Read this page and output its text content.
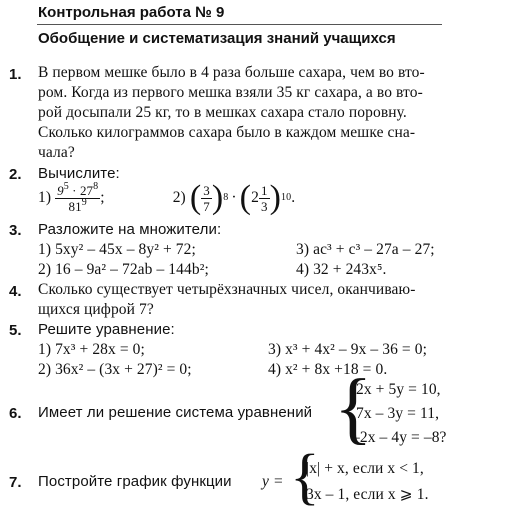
Контрольная работа № 9
Обобщение и систематизация знаний учащихся
1. В первом мешке было в 4 раза больше сахара, чем во вто-
ром. Когда из первого мешка взяли 35 кг сахара, а во вто-
рой досыпали 25 кг, то в мешках сахара стало поровну.
Сколько килограммов сахара было в каждом мешке сна-
чала?
2. Вычислите:
1)
$\frac{9^5 \cdot 27^8}{81^9}$ ;	2)
( $\frac{3}{7}$ ) 8 · ( $2 \frac{1}{3}$ ) 10 .
3. Разложите на множители:
1) 5xy² – 45x – 8y² + 72;	3) ac³ + c³ – 27a – 27;
2) 16 – 9a² – 72ab – 144b²;	4) 32 + 243x⁵.
4. Сколько существует четырёхзначных чисел, оканчиваю-
щихся цифрой 7?
5. Решите уравнение:
1) 7x³ + 28x = 0;	3) x³ + 4x² – 9x – 36 = 0;
2) 36x² – (3x + 27)² = 0;	4) x² + 8x +18 = 0.
6. Имеет ли решение система уравнений {
2x + 5y = 10,
7x – 3y = 11,
–2x – 4y = –8?
7. Постройте график функции y = {
|x| + x, если x < 1,
3x – 1, если x ⩾ 1.
